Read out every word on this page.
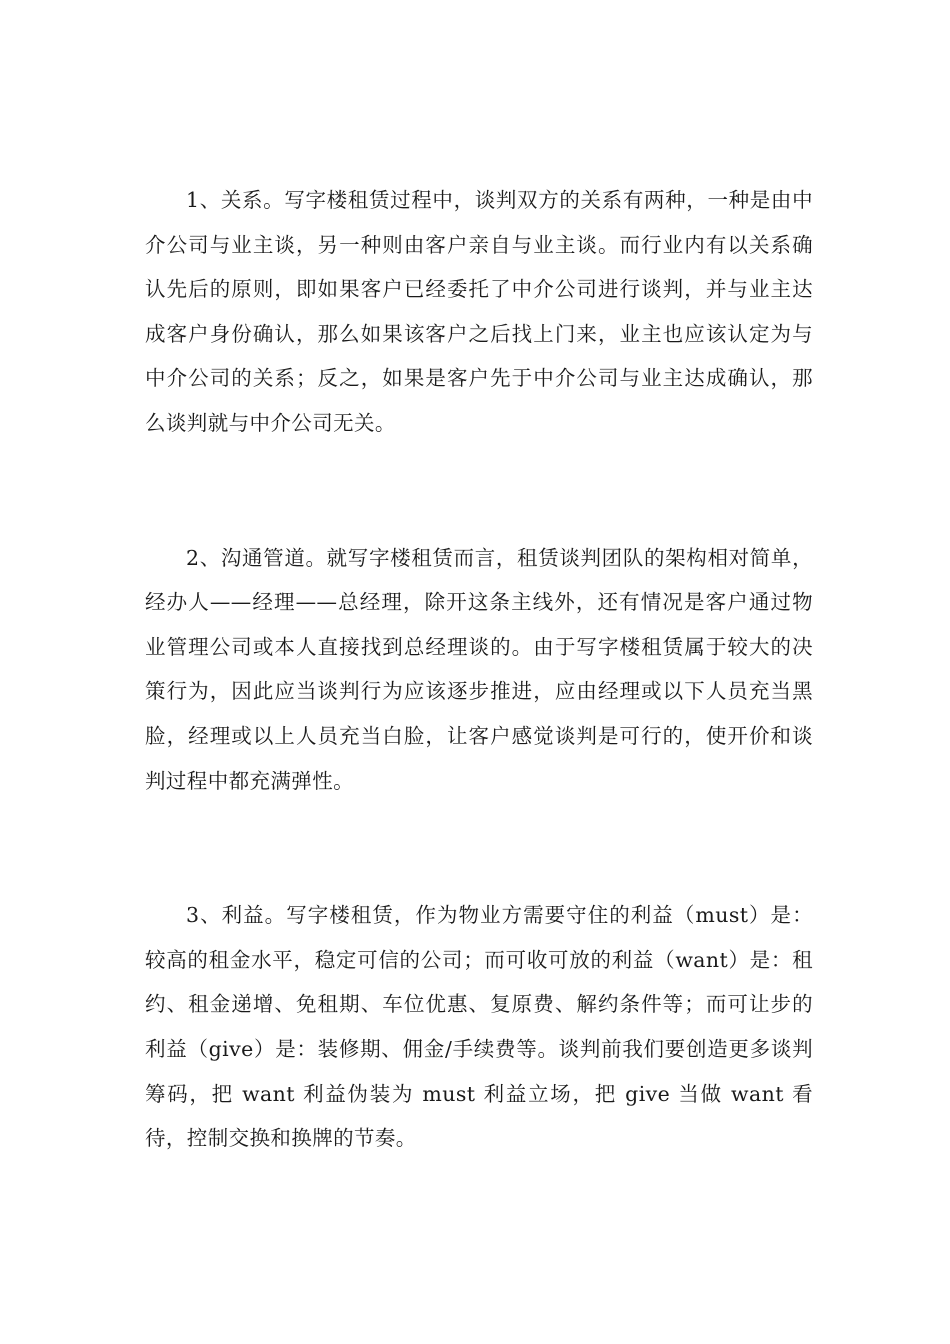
1、关系。写字楼租赁过程中，谈判双方的关系有两种，一种是由中介公司与业主谈，另一种则由客户亲自与业主谈。而行业内有以关系确认先后的原则，即如果客户已经委托了中介公司进行谈判，并与业主达成客户身份确认，那么如果该客户之后找上门来，业主也应该认定为与中介公司的关系；反之，如果是客户先于中介公司与业主达成确认，那么谈判就与中介公司无关。

2、沟通管道。就写字楼租赁而言，租赁谈判团队的架构相对简单，经办人——经理——总经理，除开这条主线外，还有情况是客户通过物业管理公司或本人直接找到总经理谈的。由于写字楼租赁属于较大的决策行为，因此应当谈判行为应该逐步推进，应由经理或以下人员充当黑脸，经理或以上人员充当白脸，让客户感觉谈判是可行的，使开价和谈判过程中都充满弹性。

3、利益。写字楼租赁，作为物业方需要守住的利益（must）是：较高的租金水平，稳定可信的公司；而可收可放的利益（want）是：租约、租金递增、免租期、车位优惠、复原费、解约条件等；而可让步的利益（give）是：装修期、佣金/手续费等。谈判前我们要创造更多谈判筹码，把 want 利益伪装为 must 利益立场，把 give 当做 want 看待，控制交换和换牌的节奏。
